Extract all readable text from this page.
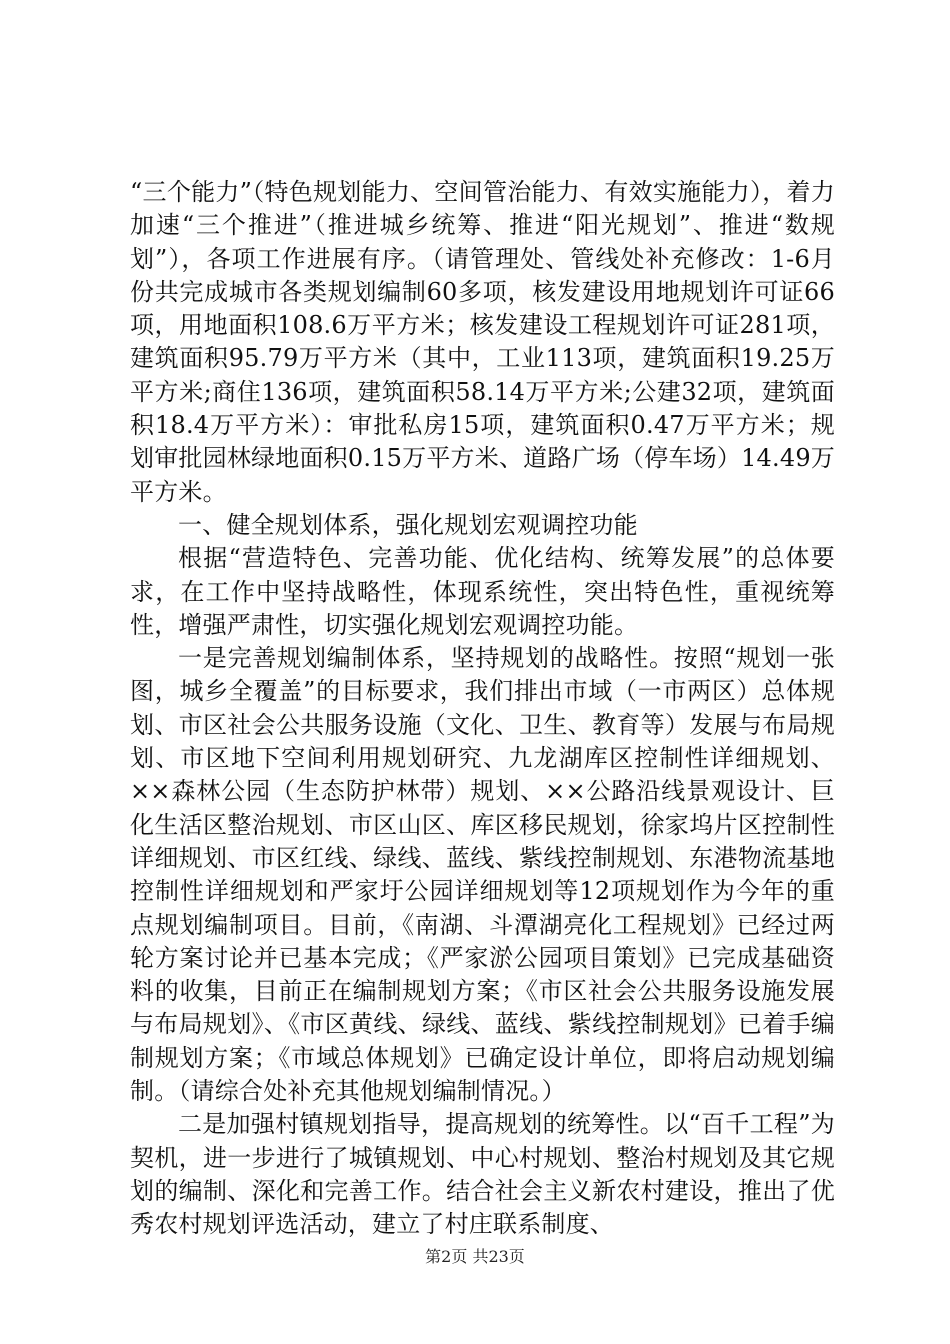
“三个能力”（特色规划能力、空间管治能力、有效实施能力），着力加速“三个推进”（推进城乡统筹、推进“阳光规划”、推进“数规划”），各项工作进展有序。（请管理处、管线处补充修改：1-6月份共完成城市各类规划编制60多项，核发建设用地规划许可证66项，用地面积108.6万平方米；核发建设工程规划许可证281项，建筑面积95.79万平方米（其中，工业113项，建筑面积19.25万平方米;商住136项，建筑面积58.14万平方米;公建32项，建筑面积18.4万平方米）：审批私房15项，建筑面积0.47万平方米；规划审批园林绿地面积0.15万平方米、道路广场（停车场）14.49万平方米。

一、健全规划体系，强化规划宏观调控功能

根据“营造特色、完善功能、优化结构、统筹发展”的总体要求，在工作中坚持战略性，体现系统性，突出特色性，重视统筹性，增强严肃性，切实强化规划宏观调控功能。

一是完善规划编制体系，坚持规划的战略性。按照“规划一张图，城乡全覆盖”的目标要求，我们排出市域（一市两区）总体规划、市区社会公共服务设施（文化、卫生、教育等）发展与布局规划、市区地下空间利用规划研究、九龙湖库区控制性详细规划、××森林公园（生态防护林带）规划、××公路沿线景观设计、巨化生活区整治规划、市区山区、库区移民规划，徐家坞片区控制性详细规划、市区红线、绿线、蓝线、紫线控制规划、东港物流基地控制性详细规划和严家圩公园详细规划等12项规划作为今年的重点规划编制项目。目前，《南湖、斗潭湖亮化工程规划》已经过两轮方案讨论并已基本完成；《严家淤公园项目策划》已完成基础资料的收集，目前正在编制规划方案；《市区社会公共服务设施发展与布局规划》、《市区黄线、绿线、蓝线、紫线控制规划》已着手编制规划方案；《市域总体规划》已确定设计单位，即将启动规划编制。（请综合处补充其他规划编制情况。）

二是加强村镇规划指导，提高规划的统筹性。以“百千工程”为契机，进一步进行了城镇规划、中心村规划、整治村规划及其它规划的编制、深化和完善工作。结合社会主义新农村建设，推出了优秀农村规划评选活动，建立了村庄联系制度、

第2页 共23页
